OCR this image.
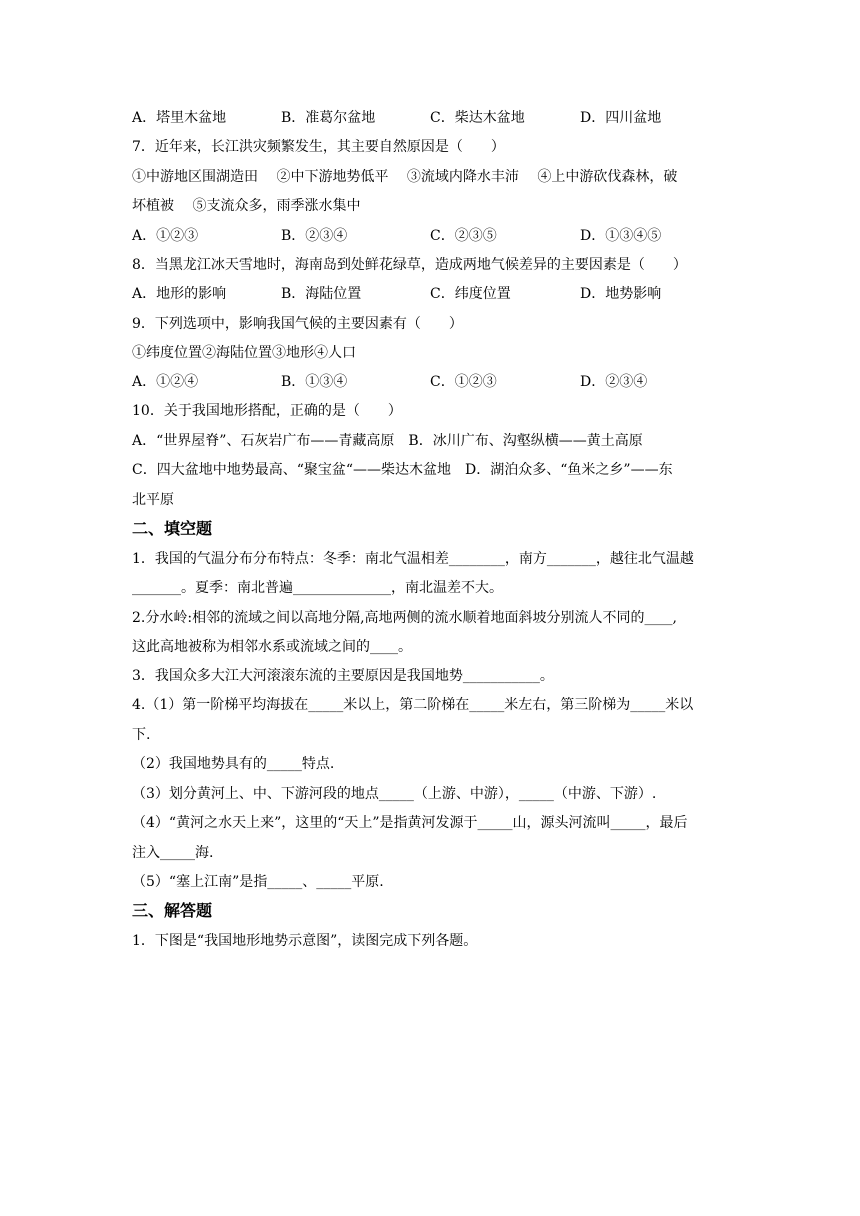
A．塔里木盆地	B．准葛尔盆地	C．柴达木盆地	D．四川盆地
7．近年来，长江洪灾频繁发生，其主要自然原因是（　　）
①中游地区围湖造田　 ②中下游地势低平　 ③流域内降水丰沛　 ④上中游砍伐森林，破
坏植被　 ⑤支流众多，雨季涨水集中
A．①②③	B．②③④	C．②③⑤	D．①③④⑤
8．当黑龙江冰天雪地时，海南岛到处鲜花绿草，造成两地气候差异的主要因素是（　　）
A．地形的影响	B．海陆位置	C．纬度位置	D．地势影响
9．下列选项中，影响我国气候的主要因素有（　　）
①纬度位置②海陆位置③地形④人口
A．①②④	B．①③④	C．①②③	D．②③④
10．关于我国地形搭配，正确的是（　　）
A．“世界屋脊”、石灰岩广布——青藏高原　B．冰川广布、沟壑纵横——黄土高原
C．四大盆地中地势最高、“聚宝盆“——柴达木盆地　D．湖泊众多、“鱼米之乡”——东
北平原
二、填空题
1．我国的气温分布分布特点：冬季：南北气温相差________，南方_______，越往北气温越
_______。夏季：南北普遍______________，南北温差不大。
2.分水岭:相邻的流域之间以高地分隔,高地两侧的流水顺着地面斜坡分别流人不同的____,
这此高地被称为相邻水系或流域之间的____。
3．我国众多大江大河滚滚东流的主要原因是我国地势___________。
4.（1）第一阶梯平均海拔在_____米以上，第二阶梯在_____米左右，第三阶梯为_____米以
下.
（2）我国地势具有的_____特点.
（3）划分黄河上、中、下游河段的地点_____（上游、中游），_____（中游、下游）.
（4）“黄河之水天上来”，这里的“天上”是指黄河发源于_____山，源头河流叫_____，最后
注入_____海.
（5）“塞上江南”是指_____、_____平原.
三、解答题
1．下图是“我国地形地势示意图”，读图完成下列各题。
